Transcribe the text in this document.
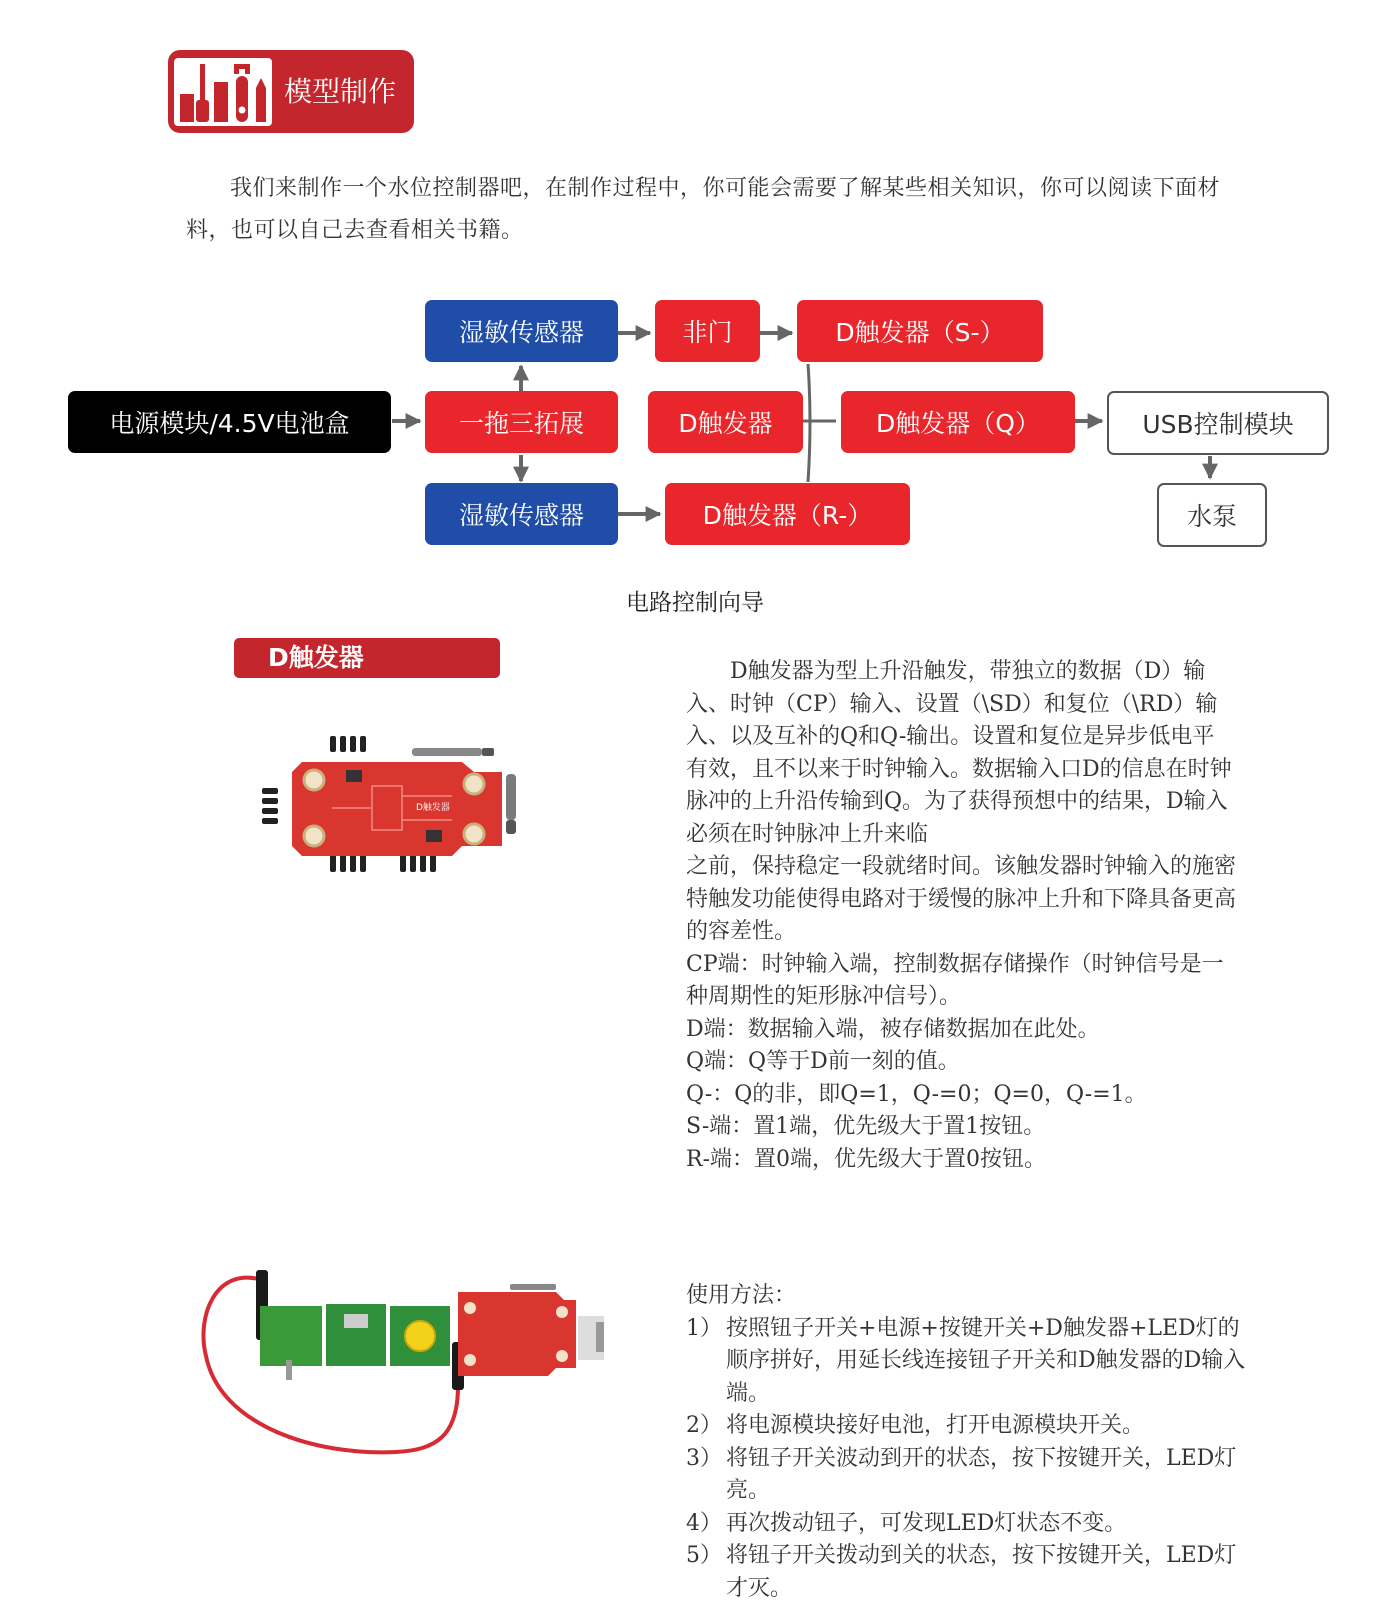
模型制作

我们来制作一个水位控制器吧，在制作过程中，你可能会需要了解某些相关知识，你可以阅读下面材料，也可以自己去查看相关书籍。

电源模块/4.5V电池盒	一拖三拓展
湿敏传感器
湿敏传感器
非门	D触发器（S-）
D触发器	D触发器（Q）
D触发器（R-）
USB控制模块
水泵
电路控制向导
D触发器
D触发器

D触发器为型上升沿触发，带独立的数据（D）输入、时钟（CP）输入、设置（\SD）和复位（\RD）输入、以及互补的Q和Q-输出。设置和复位是异步低电平有效，且不以来于时钟输入。数据输入口D的信息在时钟脉冲的上升沿传输到Q。为了获得预想中的结果，D输入必须在时钟脉冲上升来临

之前，保持稳定一段就绪时间。该触发器时钟输入的施密特触发功能使得电路对于缓慢的脉冲上升和下降具备更高的容差性。

CP端：时钟输入端，控制数据存储操作（时钟信号是一种周期性的矩形脉冲信号）。

D端：数据输入端，被存储数据加在此处。

Q端：Q等于D前一刻的值。

Q-：Q的非，即Q=1，Q-=0；Q=0，Q-=1。

S-端：置1端，优先级大于置1按钮。

R-端：置0端，优先级大于置0按钮。

使用方法：

1） 按照钮子开关+电源+按键开关+D触发器+LED灯的顺序拼好，用延长线连接钮子开关和D触发器的D输入端。
2） 将电源模块接好电池，打开电源模块开关。
3） 将钮子开关波动到开的状态，按下按键开关，LED灯亮。
4） 再次拨动钮子，可发现LED灯状态不变。
5） 将钮子开关拨动到关的状态，按下按键开关，LED灯才灭。
